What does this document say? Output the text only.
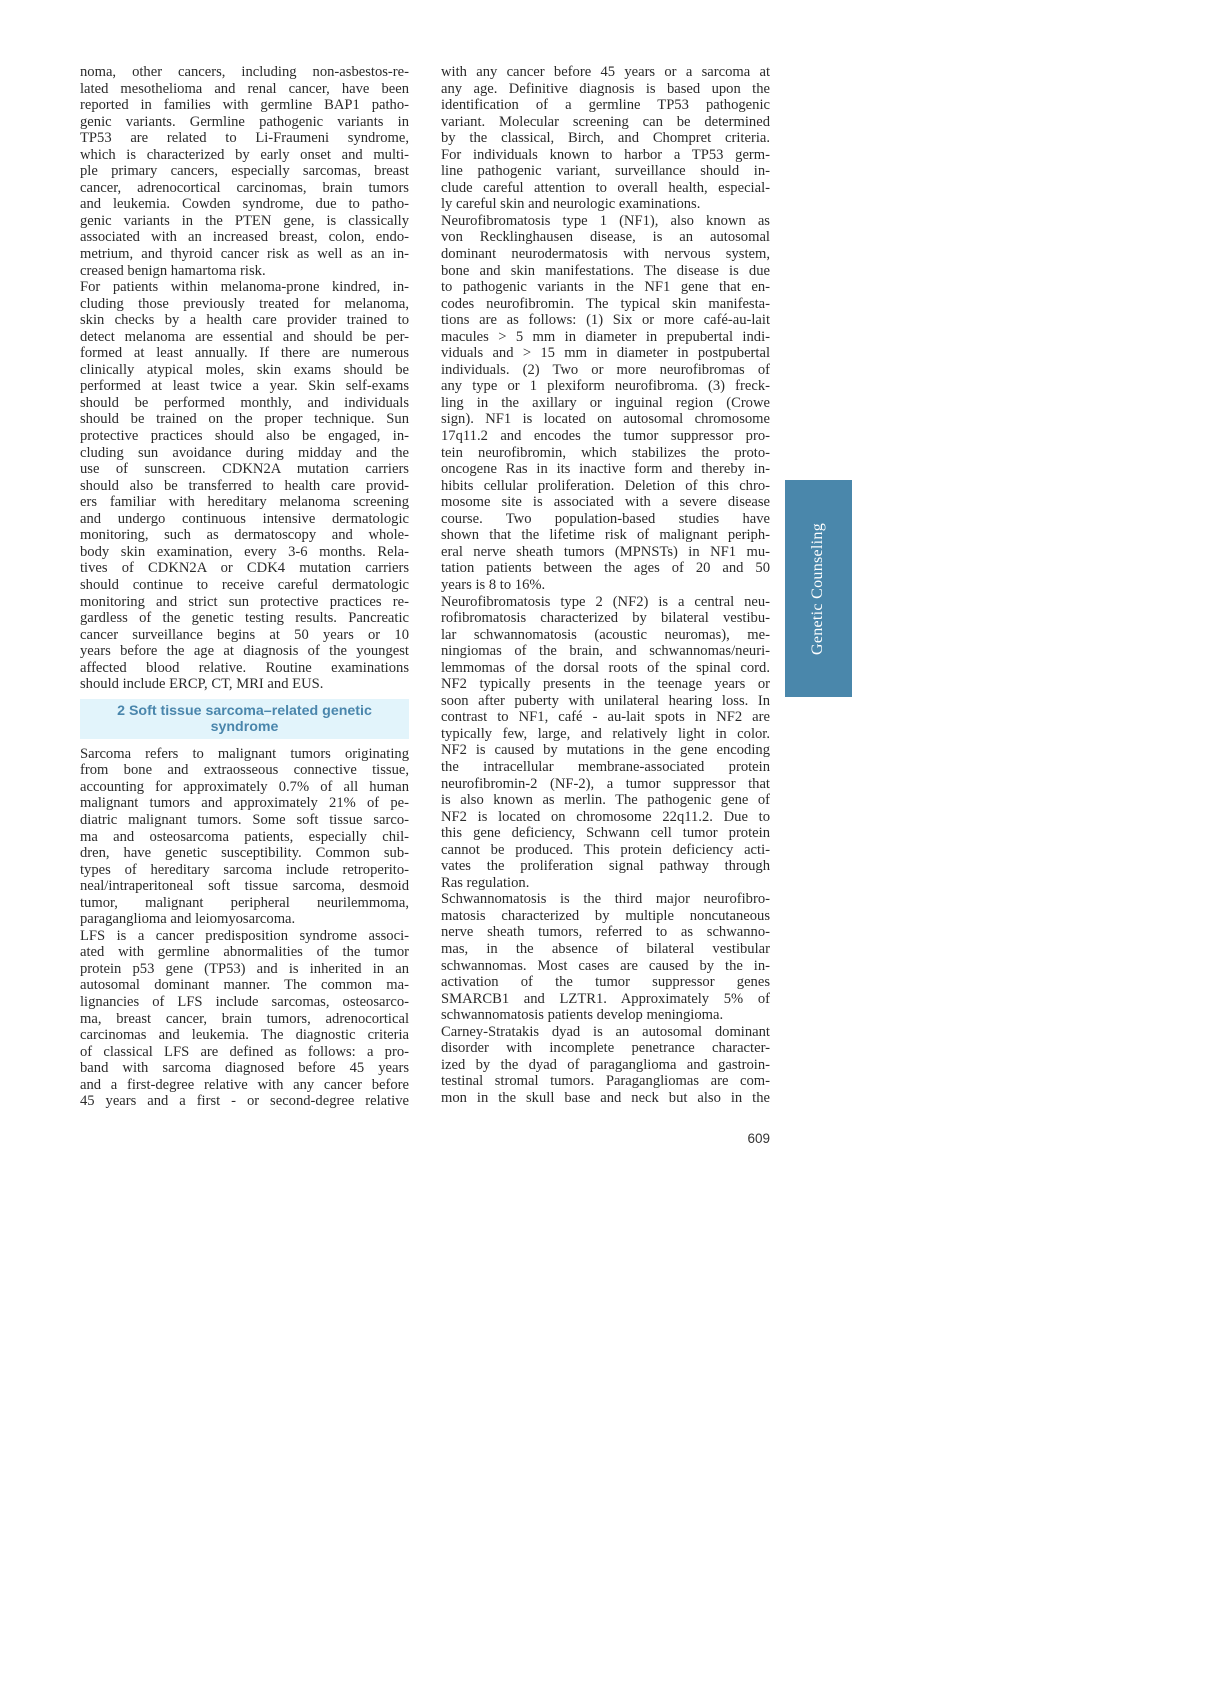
noma, other cancers, including non-asbestos-re-
lated mesothelioma and renal cancer, have been
reported in families with germline BAP1 patho-
genic variants. Germline pathogenic variants in
TP53 are related to Li-Fraumeni syndrome,
which is characterized by early onset and multi-
ple primary cancers, especially sarcomas, breast
cancer, adrenocortical carcinomas, brain tumors
and leukemia. Cowden syndrome, due to patho-
genic variants in the PTEN gene, is classically
associated with an increased breast, colon, endo-
metrium, and thyroid cancer risk as well as an in-
creased benign hamartoma risk.
For patients within melanoma-prone kindred, in-
cluding those previously treated for melanoma,
skin checks by a health care provider trained to
detect melanoma are essential and should be per-
formed at least annually. If there are numerous
clinically atypical moles, skin exams should be
performed at least twice a year. Skin self-exams
should be performed monthly, and individuals
should be trained on the proper technique. Sun
protective practices should also be engaged, in-
cluding sun avoidance during midday and the
use of sunscreen. CDKN2A mutation carriers
should also be transferred to health care provid-
ers familiar with hereditary melanoma screening
and undergo continuous intensive dermatologic
monitoring, such as dermatoscopy and whole-
body skin examination, every 3-6 months. Rela-
tives of CDKN2A or CDK4 mutation carriers
should continue to receive careful dermatologic
monitoring and strict sun protective practices re-
gardless of the genetic testing results. Pancreatic
cancer surveillance begins at 50 years or 10
years before the age at diagnosis of the youngest
affected blood relative. Routine examinations
should include ERCP, CT, MRI and EUS.
2 Soft tissue sarcoma–related genetic
syndrome
Sarcoma refers to malignant tumors originating
from bone and extraosseous connective tissue,
accounting for approximately 0.7% of all human
malignant tumors and approximately 21% of pe-
diatric malignant tumors. Some soft tissue sarco-
ma and osteosarcoma patients, especially chil-
dren, have genetic susceptibility. Common sub-
types of hereditary sarcoma include retroperito-
neal/intraperitoneal soft tissue sarcoma, desmoid
tumor, malignant peripheral neurilemmoma,
paraganglioma and leiomyosarcoma.
LFS is a cancer predisposition syndrome associ-
ated with germline abnormalities of the tumor
protein p53 gene (TP53) and is inherited in an
autosomal dominant manner. The common ma-
lignancies of LFS include sarcomas, osteosarco-
ma, breast cancer, brain tumors, adrenocortical
carcinomas and leukemia. The diagnostic criteria
of classical LFS are defined as follows: a pro-
band with sarcoma diagnosed before 45 years
and a first-degree relative with any cancer before
45 years and a first - or second-degree relative
with any cancer before 45 years or a sarcoma at
any age. Definitive diagnosis is based upon the
identification of a germline TP53 pathogenic
variant. Molecular screening can be determined
by the classical, Birch, and Chompret criteria.
For individuals known to harbor a TP53 germ-
line pathogenic variant, surveillance should in-
clude careful attention to overall health, especial-
ly careful skin and neurologic examinations.
Neurofibromatosis type 1 (NF1), also known as
von Recklinghausen disease, is an autosomal
dominant neurodermatosis with nervous system,
bone and skin manifestations. The disease is due
to pathogenic variants in the NF1 gene that en-
codes neurofibromin. The typical skin manifesta-
tions are as follows: (1) Six or more café-au-lait
macules > 5 mm in diameter in prepubertal indi-
viduals and > 15 mm in diameter in postpubertal
individuals. (2) Two or more neurofibromas of
any type or 1 plexiform neurofibroma. (3) freck-
ling in the axillary or inguinal region (Crowe
sign). NF1 is located on autosomal chromosome
17q11.2 and encodes the tumor suppressor pro-
tein neurofibromin, which stabilizes the proto-
oncogene Ras in its inactive form and thereby in-
hibits cellular proliferation. Deletion of this chro-
mosome site is associated with a severe disease
course. Two population-based studies have
shown that the lifetime risk of malignant periph-
eral nerve sheath tumors (MPNSTs) in NF1 mu-
tation patients between the ages of 20 and 50
years is 8 to 16%.
Neurofibromatosis type 2 (NF2) is a central neu-
rofibromatosis characterized by bilateral vestibu-
lar schwannomatosis (acoustic neuromas), me-
ningiomas of the brain, and schwannomas/neuri-
lemmomas of the dorsal roots of the spinal cord.
NF2 typically presents in the teenage years or
soon after puberty with unilateral hearing loss. In
contrast to NF1, café - au-lait spots in NF2 are
typically few, large, and relatively light in color.
NF2 is caused by mutations in the gene encoding
the intracellular membrane-associated protein
neurofibromin-2 (NF-2), a tumor suppressor that
is also known as merlin. The pathogenic gene of
NF2 is located on chromosome 22q11.2. Due to
this gene deficiency, Schwann cell tumor protein
cannot be produced. This protein deficiency acti-
vates the proliferation signal pathway through
Ras regulation.
Schwannomatosis is the third major neurofibro-
matosis characterized by multiple noncutaneous
nerve sheath tumors, referred to as schwanno-
mas, in the absence of bilateral vestibular
schwannomas. Most cases are caused by the in-
activation of the tumor suppressor genes
SMARCB1 and LZTR1. Approximately 5% of
schwannomatosis patients develop meningioma.
Carney-Stratakis dyad is an autosomal dominant
disorder with incomplete penetrance character-
ized by the dyad of paraganglioma and gastroin-
testinal stromal tumors. Paragangliomas are com-
mon in the skull base and neck but also in the
Genetic Counseling
609
